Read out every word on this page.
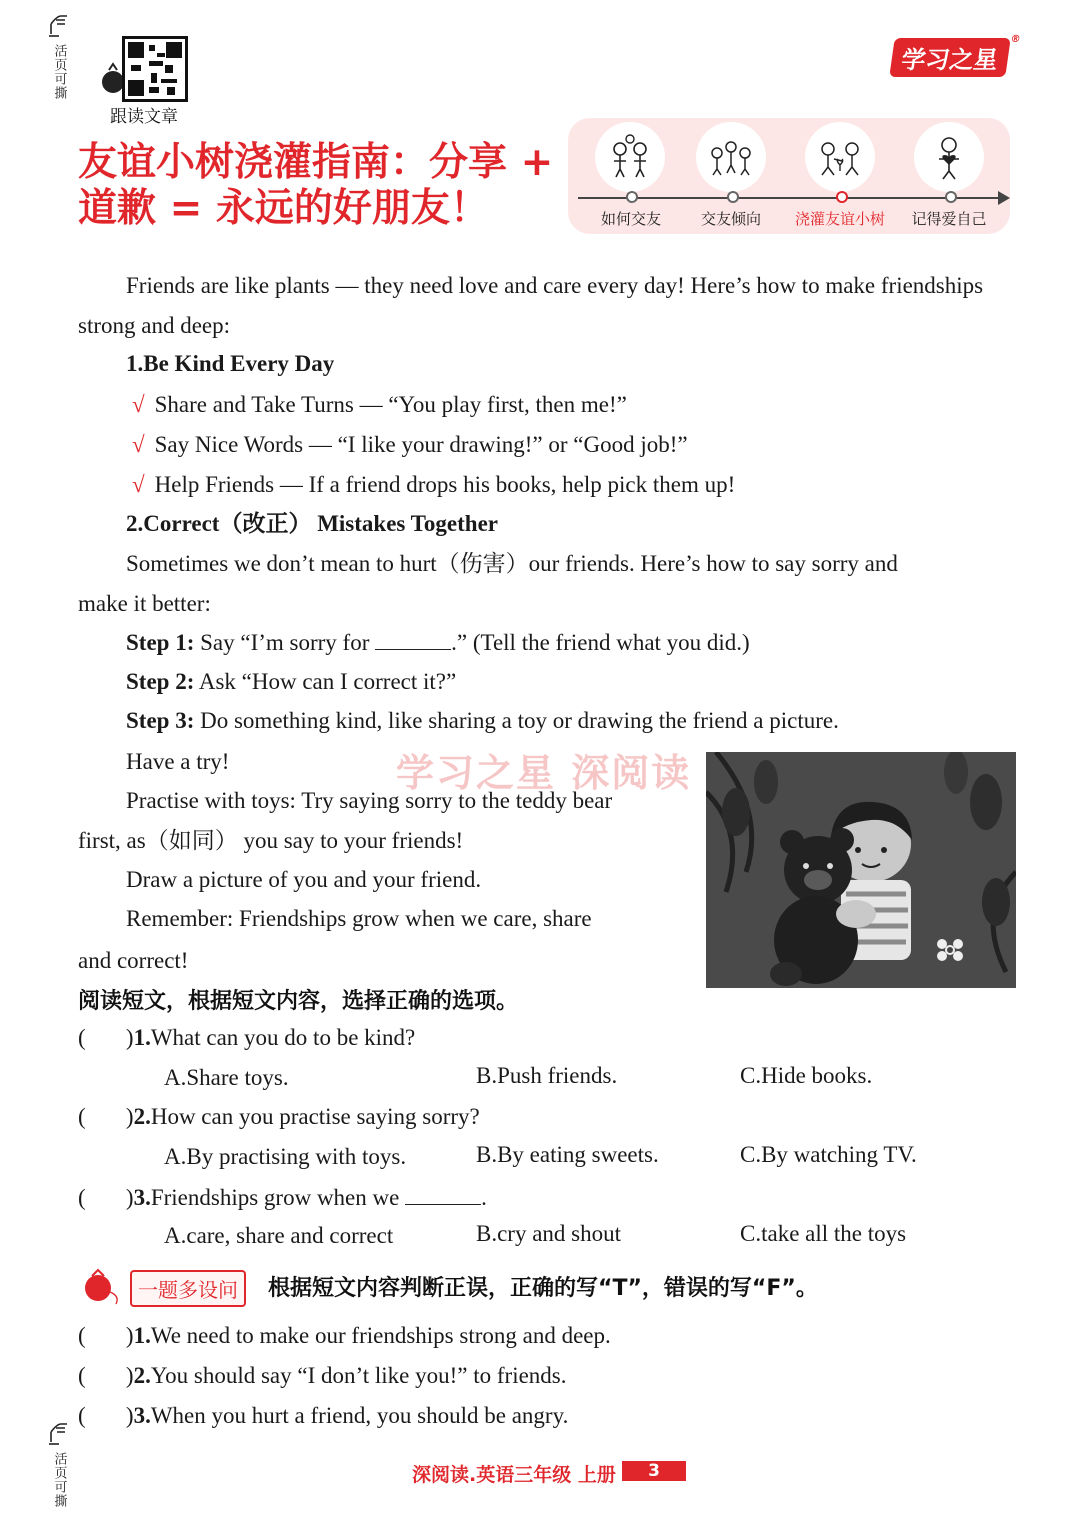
活页可撕
活页可撕
跟读文章
学习之星
®
友谊小树浇灌指南：分享 +
道歉 = 永远的好朋友！	如何交友	交友倾向	浇灌友谊小树	记得爱自己
Friends are like plants — they need love and care every day! Here’s how to make friendships
strong and deep:
1.Be Kind Every Day
√ Share and Take Turns — “You play first, then me!”
√ Say Nice Words — “I like your drawing!” or “Good job!”
√ Help Friends — If a friend drops his books, help pick them up!
2.Correct（改正） Mistakes Together
Sometimes we don’t mean to hurt（伤害）our friends. Here’s how to say sorry and
make it better:
Step 1: Say “I’m sorry for	.” (Tell the friend what you did.)
Step 2: Ask “How can I correct it?”
Step 3: Do something kind, like sharing a toy or drawing the friend a picture.
学习之星 深阅读
Have a try!
Practise with toys: Try saying sorry to the teddy bear
first, as（如同） you say to your friends!
Draw a picture of you and your friend.
Remember: Friendships grow when we care, share
and correct!
阅读短文，根据短文内容，选择正确的选项。
(       )1.What can you do to be kind?
A.Share toys.	B.Push friends.	C.Hide books.
(       )2.How can you practise saying sorry?
A.By practising with toys.	B.By eating sweets.	C.By watching TV.
(       )3.Friendships grow when we	.
A.care, share and correct	B.cry and shout	C.take all the toys
一题多设问	根据短文内容判断正误，正确的写“T”，错误的写“F”。
(       )1.We need to make our friendships strong and deep.
(       )2.You should say “I don’t like you!” to friends.
(       )3.When you hurt a friend, you should be angry.
深阅读.英语三年级 上册	3
